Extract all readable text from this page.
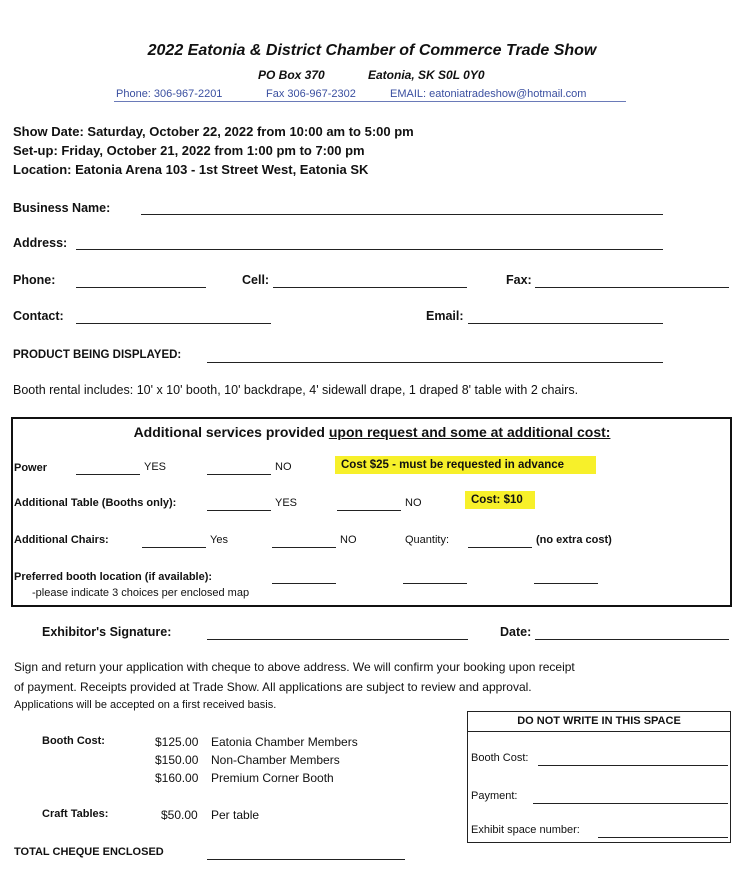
2022 Eatonia & District Chamber of Commerce Trade Show
PO Box 370	Eatonia, SK S0L 0Y0
Phone: 306-967-2201	Fax 306-967-2302	EMAIL: eatoniatradeshow@hotmail.com
Show Date: Saturday, October 22, 2022 from 10:00 am to 5:00 pm
Set-up: Friday, October 21, 2022 from 1:00 pm to 7:00 pm
Location: Eatonia Arena 103 - 1st Street West, Eatonia SK
Business Name:
Address:
Phone:	Cell:	Fax:
Contact:	Email:
PRODUCT BEING DISPLAYED:
Booth rental includes: 10' x 10' booth, 10' backdrape, 4' sidewall drape, 1 draped 8' table with 2 chairs.
Additional services provided upon request and some at additional cost:
Power	YES	NO	Cost $25 - must be requested in advance
Additional Table (Booths only):	YES	NO	Cost: $10
Additional Chairs:	Yes	NO	Quantity:	(no extra cost)
Preferred booth location (if available):
-please indicate 3 choices per enclosed map
Exhibitor's Signature:	Date:
Sign and return your application with cheque to above address. We will confirm your booking upon receipt
of payment. Receipts provided at Trade Show. All applications are subject to review and approval.
Applications will be accepted on a first received basis.
Booth Cost:	$125.00 Eatonia Chamber Members
$150.00 Non-Chamber Members
$160.00 Premium Corner Booth
Craft Tables:	$50.00 Per table
TOTAL CHEQUE ENCLOSED
DO NOT WRITE IN THIS SPACE
Booth Cost:
Payment:
Exhibit space number:
